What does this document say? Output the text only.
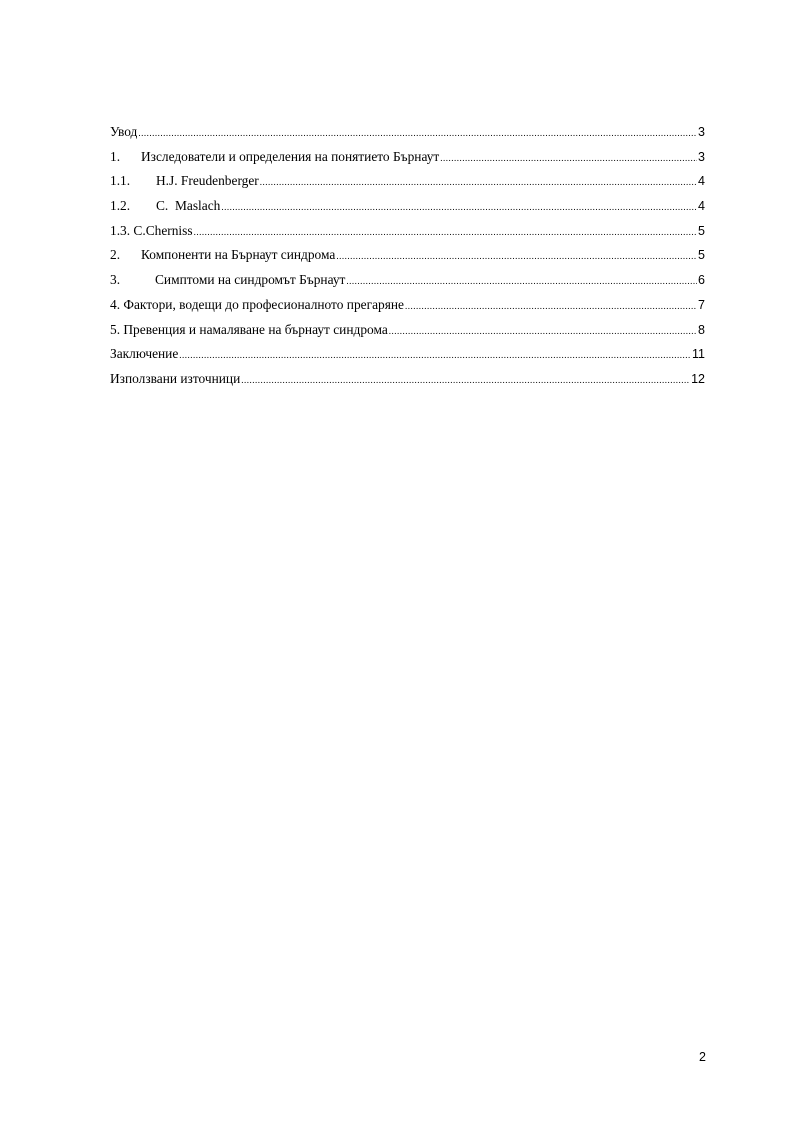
Увод .....	3
1.	Изследователи и определения на понятието Бърнаут .....	3
1.1.	H.J. Freudenberger .....	4
1.2.	C.  Maslach .....	4
1.3. C.Cherniss .....	5
2.	Компоненти на Бърнаут синдрома .....	5
3.	Симптоми на синдромът Бърнаут .....	6
4. Фактори, водещи до професионалното прегаряне .....	7
5. Превенция и намаляване на бърнаут синдрома .....	8
Заключение .....	11
Използвани източници .....	12
2
